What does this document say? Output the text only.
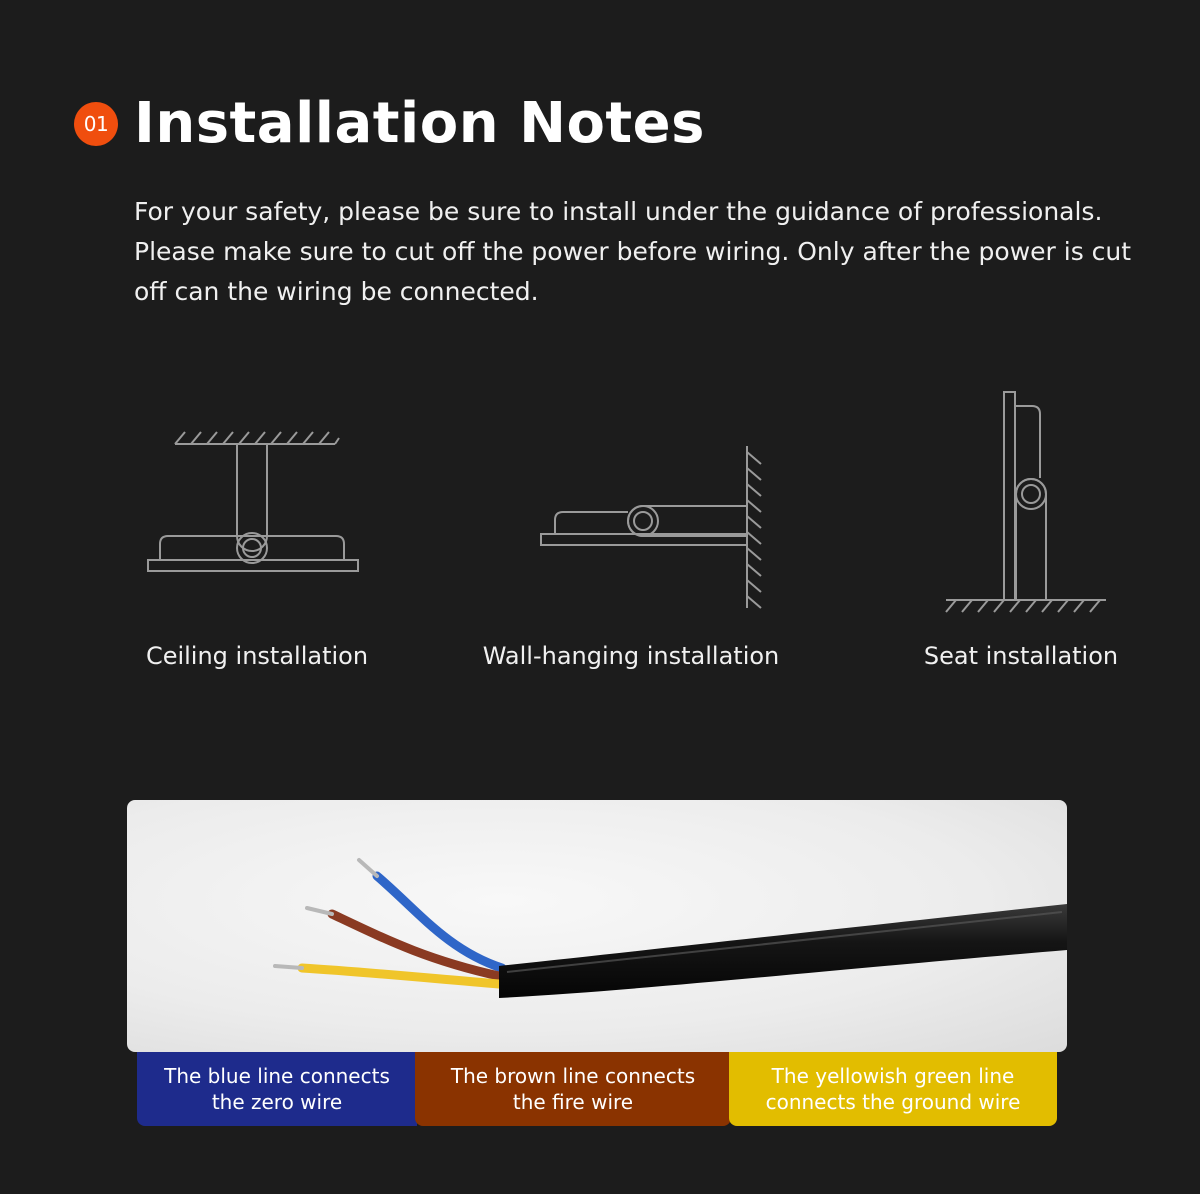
01 Installation Notes

For your safety, please be sure to install under the guidance of professionals. Please make sure to cut off the power before wiring. Only after the power is cut off can the wiring be connected.

Ceiling installation	Wall-hanging installation	Seat installation
The blue line connects the zero wire
The brown line connects the fire wire
The yellowish green line connects the ground wire
